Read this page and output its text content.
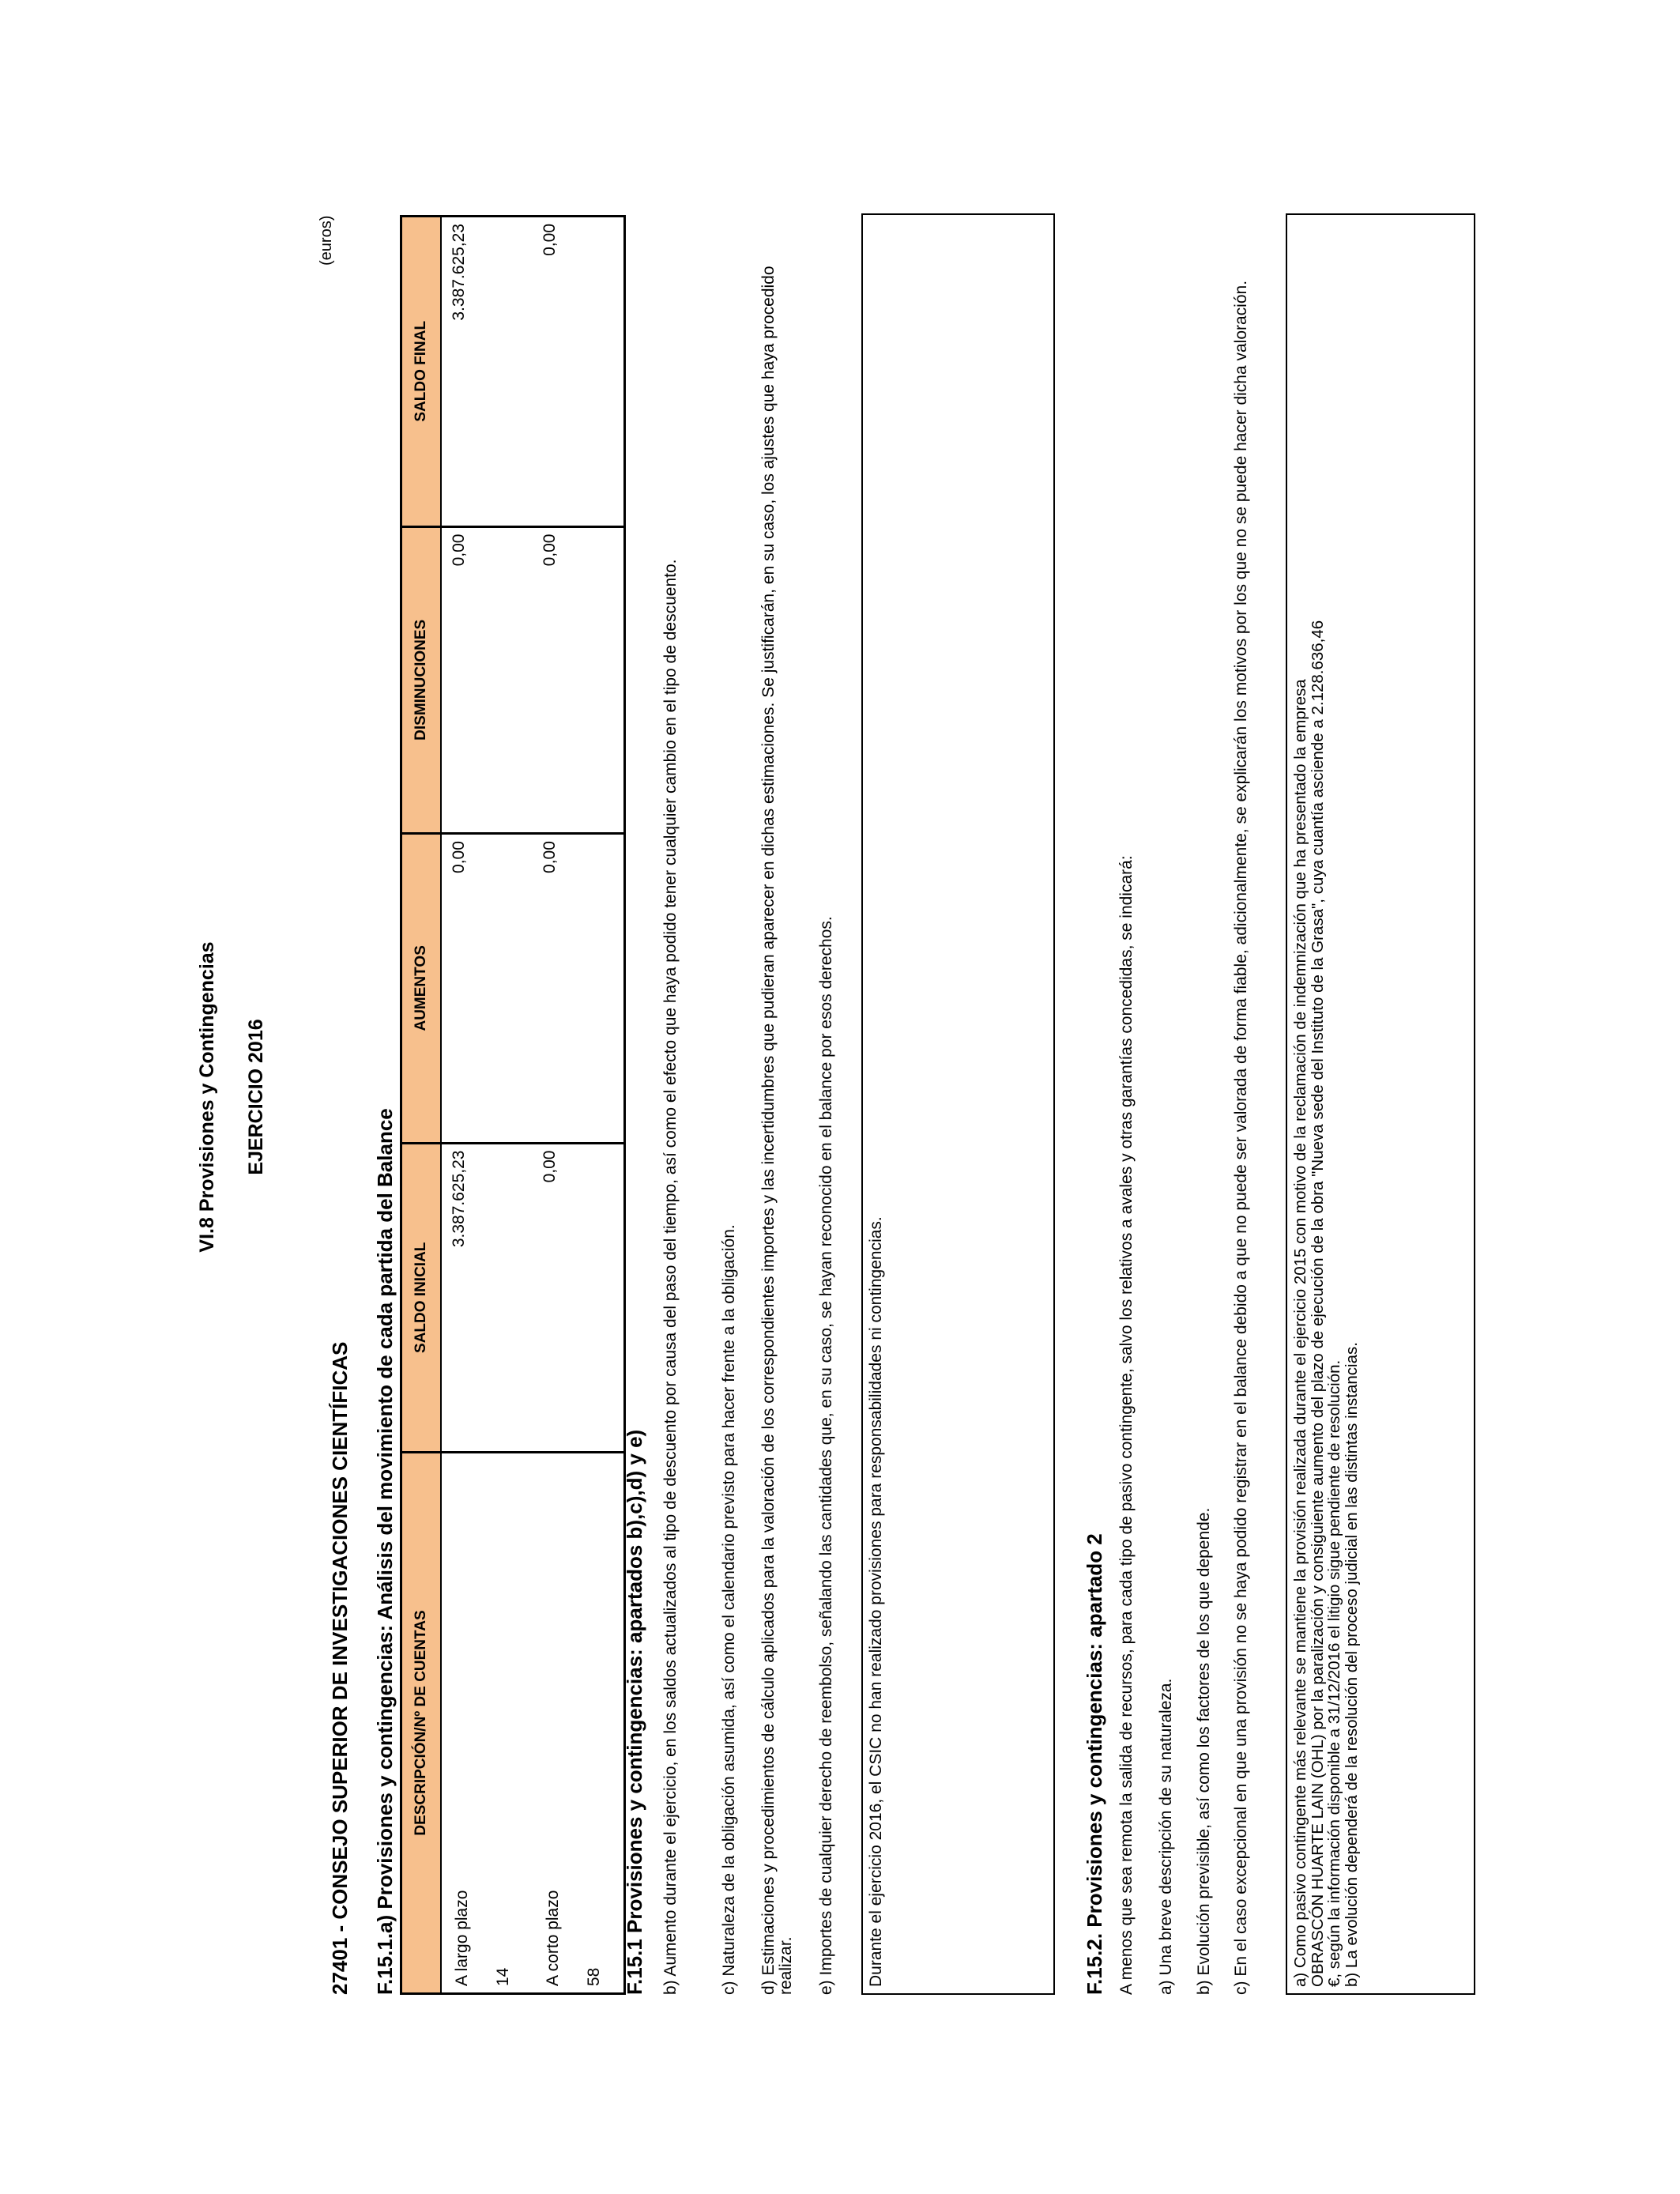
VI.8 Provisiones y Contingencias EJERCICIO 2016
27401 - CONSEJO SUPERIOR DE INVESTIGACIONES CIENTÍFICAS
(euros)
F.15.1.a) Provisiones y contingencias: Análisis del movimiento de cada partida del Balance DESCRIPCIÓN/Nº DE CUENTAS	SALDO INICIAL	AUMENTOS	DISMINUCIONES	SALDO FINAL

A largo plazo 14	3.387.625,23	0,00	0,00	3.387.625,23

A corto plazo 58	0,00	0,00	0,00	0,00
F.15.1 Provisiones y contingencias: apartados b),c),d) y e) b) Aumento durante el ejercicio, en los saldos actualizados al tipo de descuento por causa del paso del tiempo, así como el efecto que haya podido tener cualquier cambio en el tipo de descuento. c) Naturaleza de la obligación asumida, así como el calendario previsto para hacer frente a la obligación. d) Estimaciones y procedimientos de cálculo aplicados para la valoración de los correspondientes importes y las incertidumbres que pudieran aparecer en dichas estimaciones. Se justificarán, en su caso, los ajustes que haya procedido realizar. e) Importes de cualquier derecho de reembolso, señalando las cantidades que, en su caso, se hayan reconocido en el balance por esos derechos. Durante el ejercicio 2016, el CSIC no han realizado provisiones para responsabilidades ni contingencias.	F.15.2. Provisiones y contingencias: apartado 2 A menos que sea remota la salida de recursos, para cada tipo de pasivo contingente, salvo los relativos a avales y otras garantías concedidas, se indicará: a) Una breve descripción de su naturaleza. b) Evolución previsible, así como los factores de los que depende. c) En el caso excepcional en que una provisión no se haya podido registrar en el balance debido a que no puede ser valorada de forma fiable, adicionalmente, se explicarán los motivos por los que no se puede hacer dicha valoración.	a) Como pasivo contingente más relevante se mantiene la provisión realizada durante el ejercicio 2015 con motivo de la reclamación de indemnización que ha presentado la empresa
OBRASCÓN HUARTE LAIN (OHL) por la paralización y consiguiente aumento del plazo de ejecución de la obra "Nueva sede del Instituto de la Grasa", cuya cuantía asciende a 2.128.636,46
€, según la información disponible a 31/12/2016 el litigio sigue pendiente de resolución.
b) La evolución dependerá de la resolución del proceso judicial en las distintas instancias.
